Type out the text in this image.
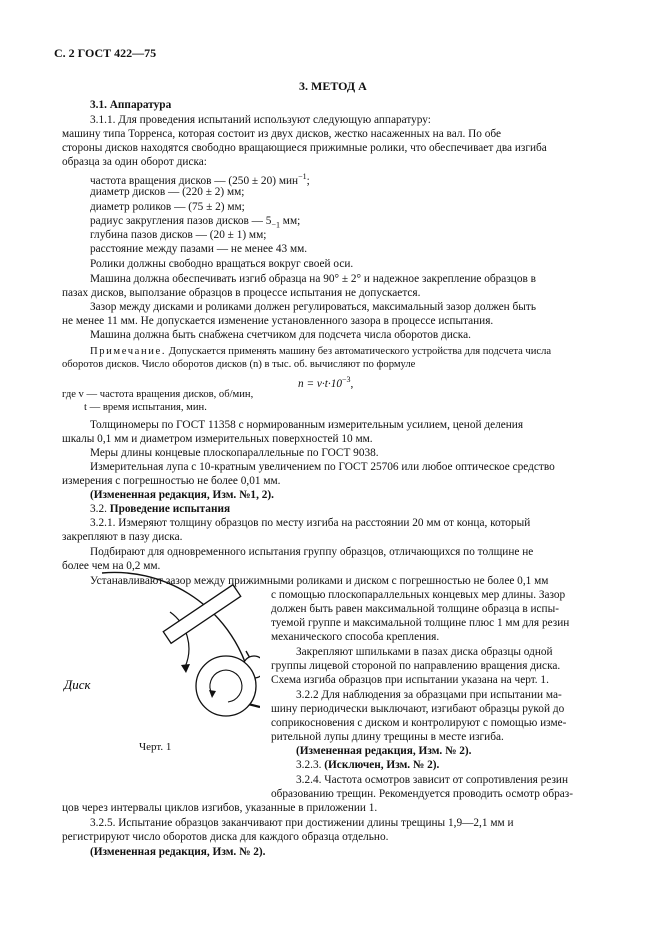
С. 2 ГОСТ 422—75
3. МЕТОД А
3.1. Аппаратура
3.1.1. Для проведения испытаний используют следующую аппаратуру:
машину типа Торренса, которая состоит из двух дисков, жестко насаженных на вал. По обе
стороны дисков находятся свободно вращающиеся прижимные ролики, что обеспечивает два изгиба
образца за один оборот диска:
частота вращения дисков — (250 ± 20) мин$^{-1}$;
диаметр дисков — (220 ± 2) мм;
диаметр роликов — (75 ± 2) мм;
радиус закругления пазов дисков — $5_{-1}$ мм;
глубина пазов дисков — (20 ± 1) мм;
расстояние между пазами — не менее 43 мм.
Ролики должны свободно вращаться вокруг своей оси.
Машина должна обеспечивать изгиб образца на 90° ± 2° и надежное закрепление образцов в
пазах дисков, выползание образцов в процессе испытания не допускается.
Зазор между дисками и роликами должен регулироваться, максимальный зазор должен быть
не менее 11 мм. Не допускается изменение установленного зазора в процессе испытания.
Машина должна быть снабжена счетчиком для подсчета числа оборотов диска.
Примечание. Допускается применять машину без автоматического устройства для подсчета числа
оборотов дисков. Число оборотов дисков (n) в тыс. об. вычисляют по формуле
$n = v\cdot t\cdot 10^{-3}$,
где v — частота вращения дисков, об/мин,
t — время испытания, мин.
Толщиномеры по ГОСТ 11358 с нормированным измерительным усилием, ценой деления
шкалы 0,1 мм и диаметром измерительных поверхностей 10 мм.
Меры длины концевые плоскопараллельные по ГОСТ 9038.
Измерительная лупа с 10-кратным увеличением по ГОСТ 25706 или любое оптическое средство
измерения с погрешностью не более 0,01 мм.
(Измененная редакция, Изм. №1, 2).
3.2. Проведение испытания
3.2.1. Измеряют толщину образцов по месту изгиба на расстоянии 20 мм от конца, который
закрепляют в пазу диска.
Подбирают для одновременного испытания группу образцов, отличающихся по толщине не
более чем на 0,2 мм.
Устанавливают зазор между прижимными роликами и диском с погрешностью не более 0,1 мм
с помощью плоскопараллельных концевых мер длины. Зазор
должен быть равен максимальной толщине образца в испы-
туемой группе и максимальной толщине плюс 1 мм для резин
механического способа крепления.
Закрепляют шпильками в пазах диска образцы одной
группы лицевой стороной по направлению вращения диска.
Схема изгиба образцов при испытании указана на черт. 1.
3.2.2 Для наблюдения за образцами при испытании ма-
шину периодически выключают, изгибают образцы рукой до
соприкосновения с диском и контролируют с помощью изме-
рительной лупы длину трещины в месте изгиба.
(Измененная редакция, Изм. № 2).
3.2.3. (Исключен, Изм. № 2).
3.2.4. Частота осмотров зависит от сопротивления резин
образованию трещин. Рекомендуется проводить осмотр образ-
цов через интервалы циклов изгибов, указанные в приложении 1.
3.2.5. Испытание образцов заканчивают при достижении длины трещины 1,9—2,1 мм и
регистрируют число оборотов диска для каждого образца отдельно.
(Измененная редакция, Изм. № 2).
Диск
Черт. 1
